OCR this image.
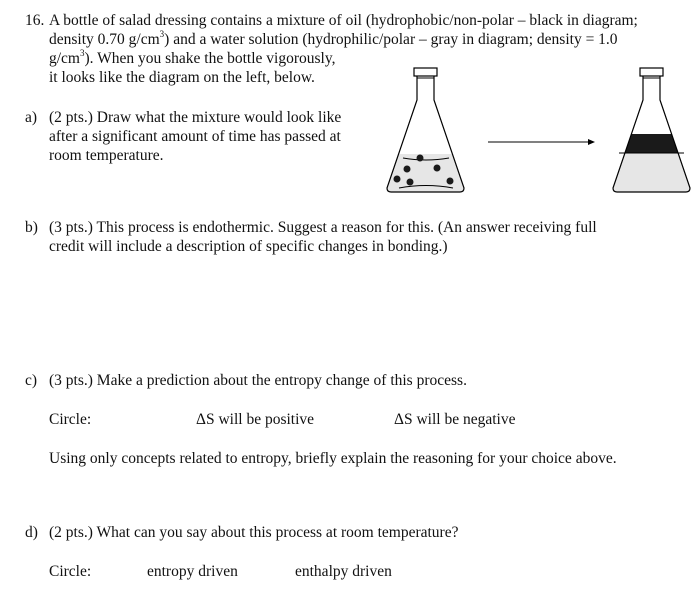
16. A bottle of salad dressing contains a mixture of oil (hydrophobic/non-polar – black in diagram;
density 0.70 $g/cm^3$) and a water solution (hydrophilic/polar – gray in diagram; density = 1.0
$g/cm^3$). When you shake the bottle vigorously,
it looks like the diagram on the left, below.
a) (2 pts.) Draw what the mixture would look like
after a significant amount of time has passed at
room temperature.
b) (3 pts.) This process is endothermic. Suggest a reason for this. (An answer receiving full
credit will include a description of specific changes in bonding.)
c) (3 pts.) Make a prediction about the entropy change of this process.
Circle:	ΔS will be positive	ΔS will be negative
Using only concepts related to entropy, briefly explain the reasoning for your choice above.
d) (2 pts.) What can you say about this process at room temperature?
Circle:	entropy driven	enthalpy driven
